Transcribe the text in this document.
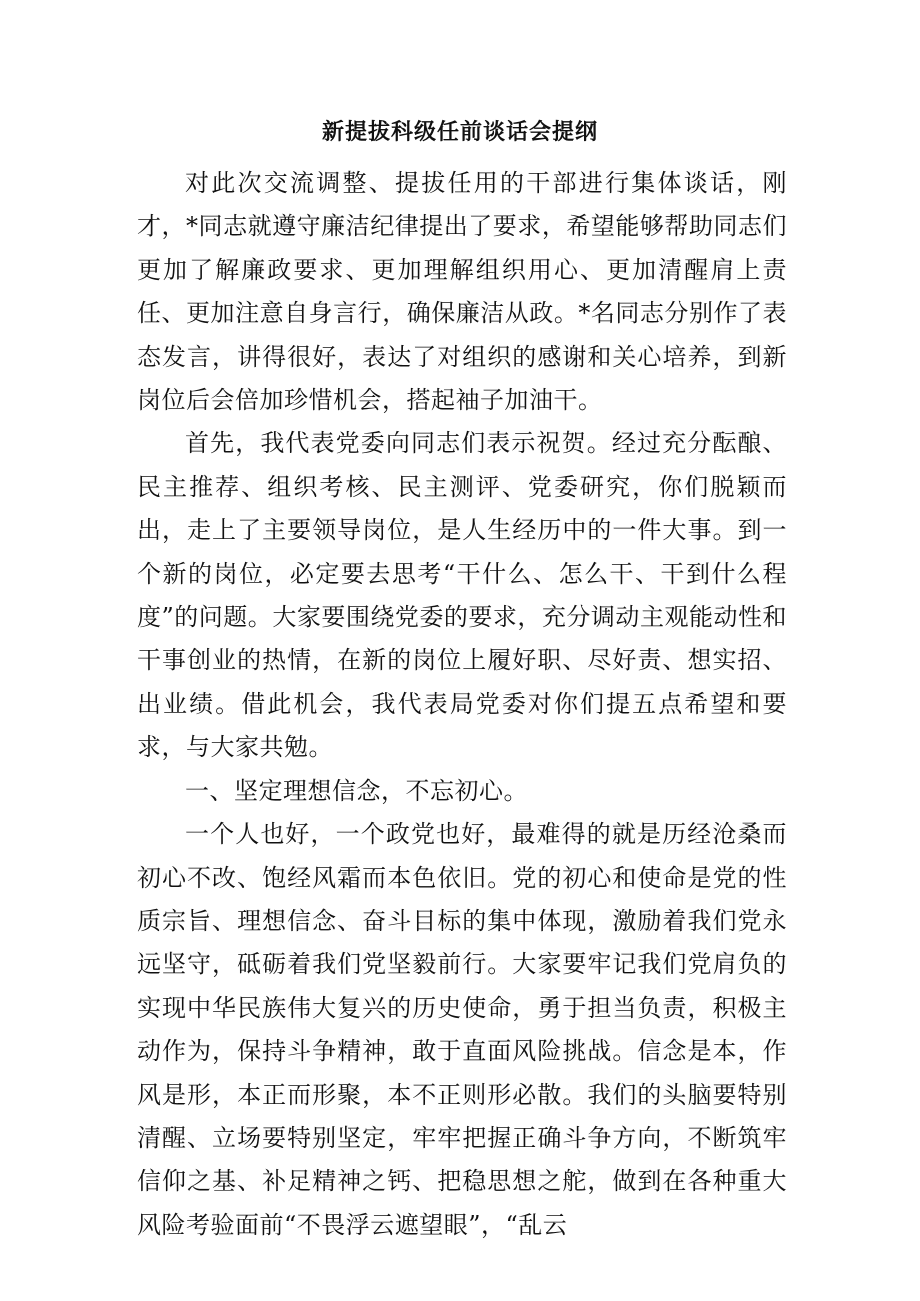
新提拔科级任前谈话会提纲

对此次交流调整、提拔任用的干部进行集体谈话，刚才，*同志就遵守廉洁纪律提出了要求，希望能够帮助同志们更加了解廉政要求、更加理解组织用心、更加清醒肩上责任、更加注意自身言行，确保廉洁从政。*名同志分别作了表态发言，讲得很好，表达了对组织的感谢和关心培养，到新岗位后会倍加珍惜机会，搭起袖子加油干。

首先，我代表党委向同志们表示祝贺。经过充分酝酿、民主推荐、组织考核、民主测评、党委研究，你们脱颖而出，走上了主要领导岗位，是人生经历中的一件大事。到一个新的岗位，必定要去思考“干什么、怎么干、干到什么程度”的问题。大家要围绕党委的要求，充分调动主观能动性和干事创业的热情，在新的岗位上履好职、尽好责、想实招、出业绩。借此机会，我代表局党委对你们提五点希望和要求，与大家共勉。

一、坚定理想信念，不忘初心。

一个人也好，一个政党也好，最难得的就是历经沧桑而初心不改、饱经风霜而本色依旧。党的初心和使命是党的性质宗旨、理想信念、奋斗目标的集中体现，激励着我们党永远坚守，砥砺着我们党坚毅前行。大家要牢记我们党肩负的实现中华民族伟大复兴的历史使命，勇于担当负责，积极主动作为，保持斗争精神，敢于直面风险挑战。信念是本，作风是形，本正而形聚，本不正则形必散。我们的头脑要特别清醒、立场要特别坚定，牢牢把握正确斗争方向，不断筑牢信仰之基、补足精神之钙、把稳思想之舵，做到在各种重大风险考验面前“不畏浮云遮望眼”，“乱云
